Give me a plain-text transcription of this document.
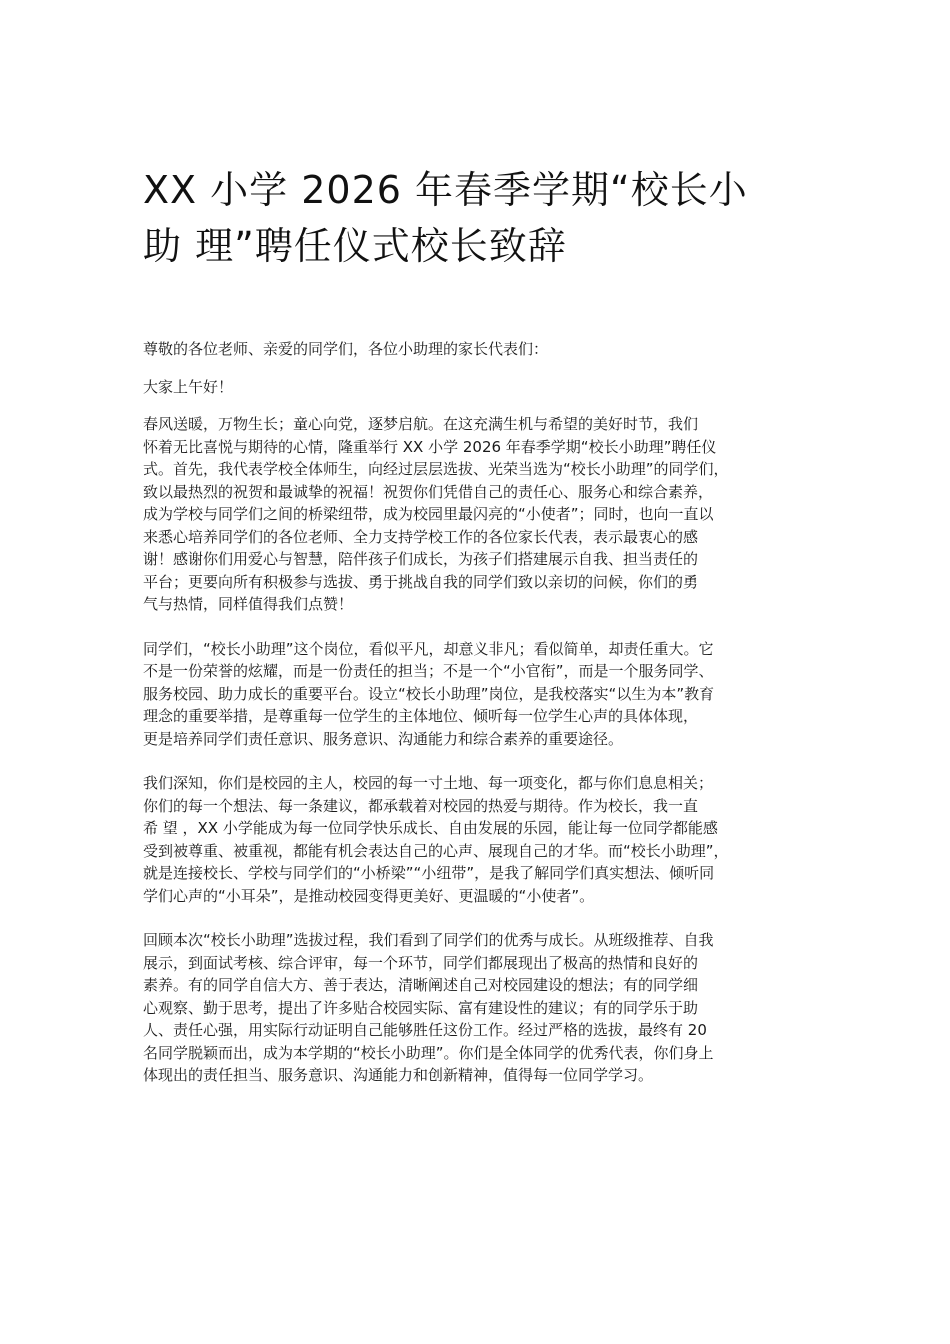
XX 小学 2026 年春季学期“校长小
助 理”聘任仪式校长致辞

尊敬的各位老师、亲爱的同学们，各位小助理的家长代表们：

大家上午好！

春风送暖，万物生长；童心向党，逐梦启航。在这充满生机与希望的美好时节，我们
怀着无比喜悦与期待的心情，隆重举行 XX 小学 2026 年春季学期“校长小助理”聘任仪
式。首先，我代表学校全体师生，向经过层层选拔、光荣当选为“校长小助理”的同学们，
致以最热烈的祝贺和最诚挚的祝福！祝贺你们凭借自己的责任心、服务心和综合素养，
成为学校与同学们之间的桥梁纽带，成为校园里最闪亮的“小使者”；同时，也向一直以
来悉心培养同学们的各位老师、全力支持学校工作的各位家长代表，表示最衷心的感
谢！感谢你们用爱心与智慧，陪伴孩子们成长，为孩子们搭建展示自我、担当责任的
平台；更要向所有积极参与选拔、勇于挑战自我的同学们致以亲切的问候，你们的勇
气与热情，同样值得我们点赞！

同学们，“校长小助理”这个岗位，看似平凡，却意义非凡；看似简单，却责任重大。它
不是一份荣誉的炫耀，而是一份责任的担当；不是一个“小官衔”，而是一个服务同学、
服务校园、助力成长的重要平台。设立“校长小助理”岗位，是我校落实“以生为本”教育
理念的重要举措，是尊重每一位学生的主体地位、倾听每一位学生心声的具体体现，
更是培养同学们责任意识、服务意识、沟通能力和综合素养的重要途径。

我们深知，你们是校园的主人，校园的每一寸土地、每一项变化，都与你们息息相关；
你们的每一个想法、每一条建议，都承载着对校园的热爱与期待。作为校长，我一直
希 望 ，XX 小学能成为每一位同学快乐成长、自由发展的乐园，能让每一位同学都能感
受到被尊重、被重视，都能有机会表达自己的心声、展现自己的才华。而“校长小助理”，
就是连接校长、学校与同学们的“小桥梁”“小纽带”，是我了解同学们真实想法、倾听同
学们心声的“小耳朵”，是推动校园变得更美好、更温暖的“小使者”。

回顾本次“校长小助理”选拔过程，我们看到了同学们的优秀与成长。从班级推荐、自我
展示，到面试考核、综合评审，每一个环节，同学们都展现出了极高的热情和良好的
素养。有的同学自信大方、善于表达，清晰阐述自己对校园建设的想法；有的同学细
心观察、勤于思考，提出了许多贴合校园实际、富有建设性的建议；有的同学乐于助
人、责任心强，用实际行动证明自己能够胜任这份工作。经过严格的选拔，最终有 20
名同学脱颖而出，成为本学期的“校长小助理”。你们是全体同学的优秀代表，你们身上
体现出的责任担当、服务意识、沟通能力和创新精神，值得每一位同学学习。
